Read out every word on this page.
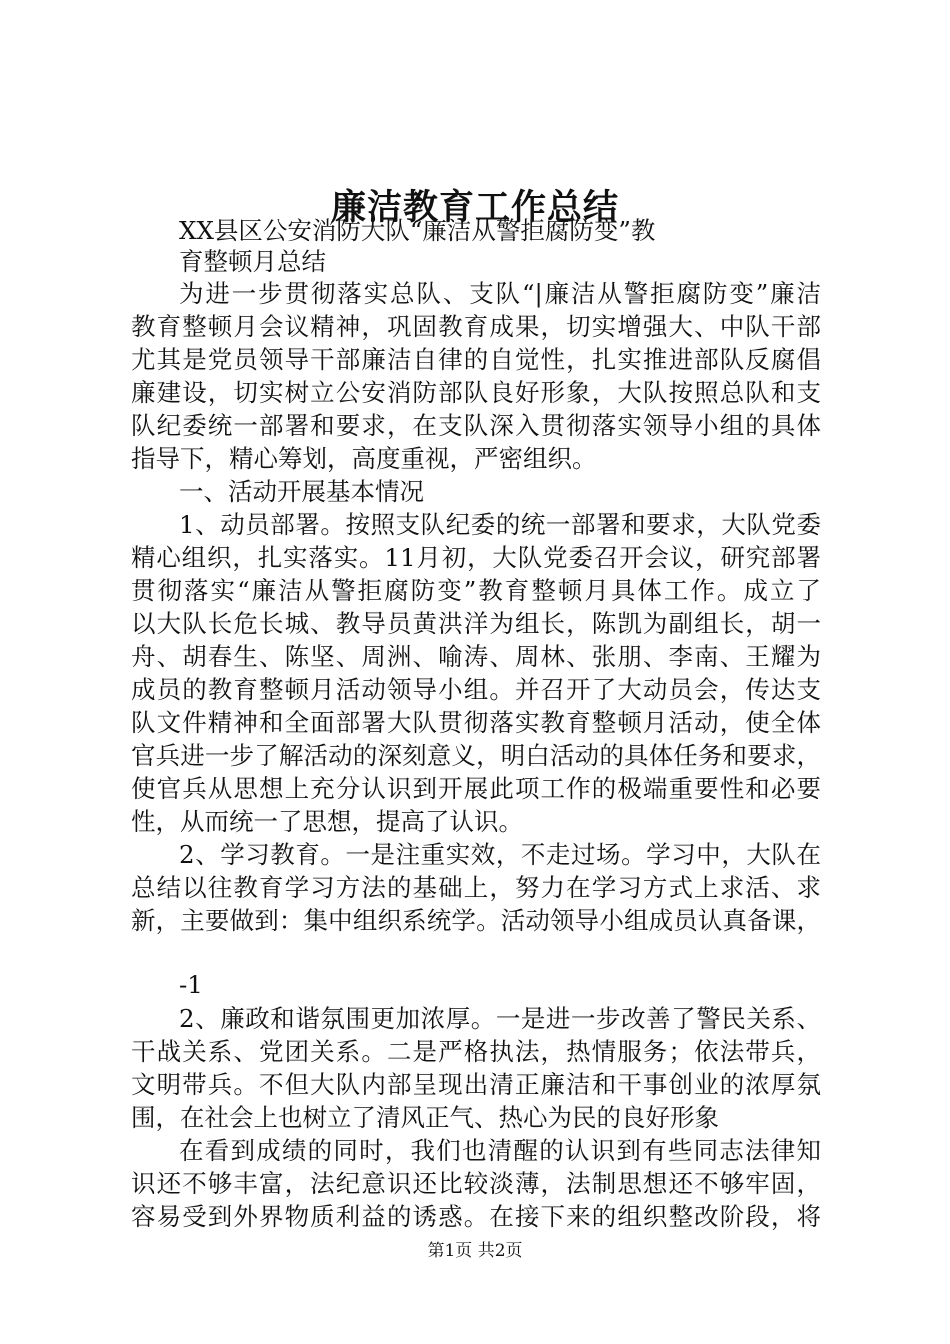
廉洁教育工作总结

XX县区公安消防大队“廉洁从警拒腐防变”教

育整顿月总结

为进一步贯彻落实总队、支队“|廉洁从警拒腐防变”廉洁

教育整顿月会议精神，巩固教育成果，切实增强大、中队干部

尤其是党员领导干部廉洁自律的自觉性，扎实推进部队反腐倡

廉建设，切实树立公安消防部队良好形象，大队按照总队和支

队纪委统一部署和要求，在支队深入贯彻落实领导小组的具体

指导下，精心筹划，高度重视，严密组织。

一、活动开展基本情况

1、动员部署。按照支队纪委的统一部署和要求，大队党委

精心组织，扎实落实。11月初，大队党委召开会议，研究部署

贯彻落实“廉洁从警拒腐防变”教育整顿月具体工作。成立了

以大队长危长城、教导员黄洪洋为组长，陈凯为副组长，胡一

舟、胡春生、陈坚、周洲、喻涛、周林、张朋、李南、王耀为

成员的教育整顿月活动领导小组。并召开了大动员会，传达支

队文件精神和全面部署大队贯彻落实教育整顿月活动，使全体

官兵进一步了解活动的深刻意义，明白活动的具体任务和要求，

使官兵从思想上充分认识到开展此项工作的极端重要性和必要

性，从而统一了思想，提高了认识。

2、学习教育。一是注重实效，不走过场。学习中，大队在

总结以往教育学习方法的基础上，努力在学习方式上求活、求

新，主要做到：集中组织系统学。活动领导小组成员认真备课，

-1

2、廉政和谐氛围更加浓厚。一是进一步改善了警民关系、

干战关系、党团关系。二是严格执法，热情服务；依法带兵，

文明带兵。不但大队内部呈现出清正廉洁和干事创业的浓厚氛

围，在社会上也树立了清风正气、热心为民的良好形象

在看到成绩的同时，我们也清醒的认识到有些同志法律知

识还不够丰富，法纪意识还比较淡薄，法制思想还不够牢固，

容易受到外界物质利益的诱惑。在接下来的组织整改阶段，将

第1页 共2页
